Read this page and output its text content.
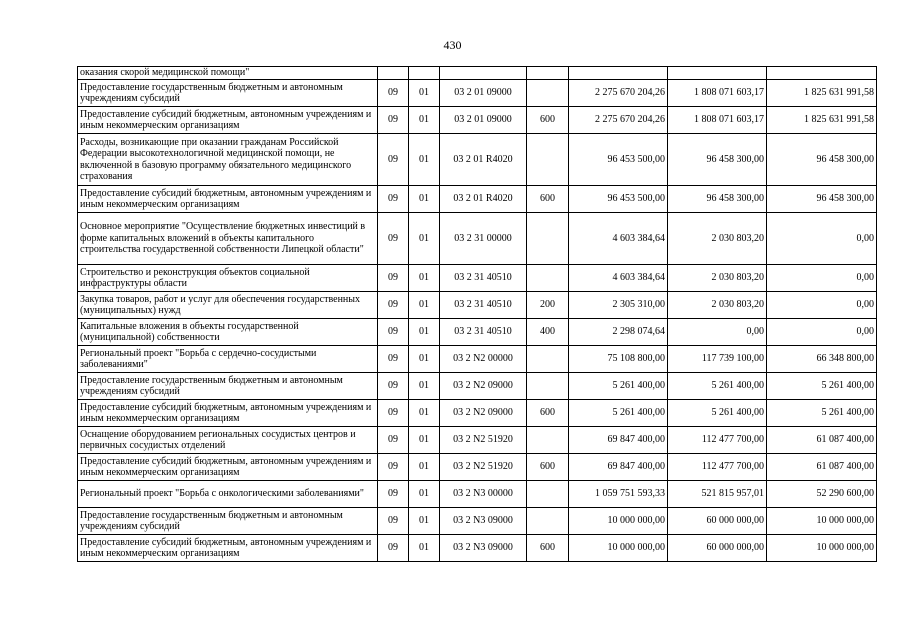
430
оказания скорой медицинской помощи"							
Предоставление государственным бюджетным и автономным учреждениям субсидий	09	01	03 2 01 09000		2 275 670 204,26	1 808 071 603,17	1 825 631 991,58
Предоставление субсидий бюджетным, автономным учреждениям и иным некоммерческим организациям	09	01	03 2 01 09000	600	2 275 670 204,26	1 808 071 603,17	1 825 631 991,58
Расходы, возникающие при оказании гражданам Российской Федерации высокотехнологичной медицинской помощи, не включенной в базовую программу обязательного медицинского страхования	09	01	03 2 01 R4020		96 453 500,00	96 458 300,00	96 458 300,00
Предоставление субсидий бюджетным, автономным учреждениям и иным некоммерческим организациям	09	01	03 2 01 R4020	600	96 453 500,00	96 458 300,00	96 458 300,00
Основное мероприятие "Осуществление бюджетных инвестиций в форме капитальных вложений в объекты капитального строительства государственной собственности Липецкой области"	09	01	03 2 31 00000		4 603 384,64	2 030 803,20	0,00
Строительство и реконструкция объектов социальной инфраструктуры области	09	01	03 2 31 40510		4 603 384,64	2 030 803,20	0,00
Закупка товаров, работ и услуг для обеспечения государственных (муниципальных) нужд	09	01	03 2 31 40510	200	2 305 310,00	2 030 803,20	0,00
Капитальные вложения в объекты государственной (муниципальной) собственности	09	01	03 2 31 40510	400	2 298 074,64	0,00	0,00
Региональный проект "Борьба с сердечно-сосудистыми заболеваниями"	09	01	03 2 N2 00000		75 108 800,00	117 739 100,00	66 348 800,00
Предоставление государственным бюджетным и автономным учреждениям субсидий	09	01	03 2 N2 09000		5 261 400,00	5 261 400,00	5 261 400,00
Предоставление субсидий бюджетным, автономным учреждениям и иным некоммерческим организациям	09	01	03 2 N2 09000	600	5 261 400,00	5 261 400,00	5 261 400,00
Оснащение оборудованием региональных сосудистых центров и первичных сосудистых отделений	09	01	03 2 N2 51920		69 847 400,00	112 477 700,00	61 087 400,00
Предоставление субсидий бюджетным, автономным учреждениям и иным некоммерческим организациям	09	01	03 2 N2 51920	600	69 847 400,00	112 477 700,00	61 087 400,00
Региональный проект "Борьба с онкологическими заболеваниями"	09	01	03 2 N3 00000		1 059 751 593,33	521 815 957,01	52 290 600,00
Предоставление государственным бюджетным и автономным учреждениям субсидий	09	01	03 2 N3 09000		10 000 000,00	60 000 000,00	10 000 000,00
Предоставление субсидий бюджетным, автономным учреждениям и иным некоммерческим организациям	09	01	03 2 N3 09000	600	10 000 000,00	60 000 000,00	10 000 000,00
